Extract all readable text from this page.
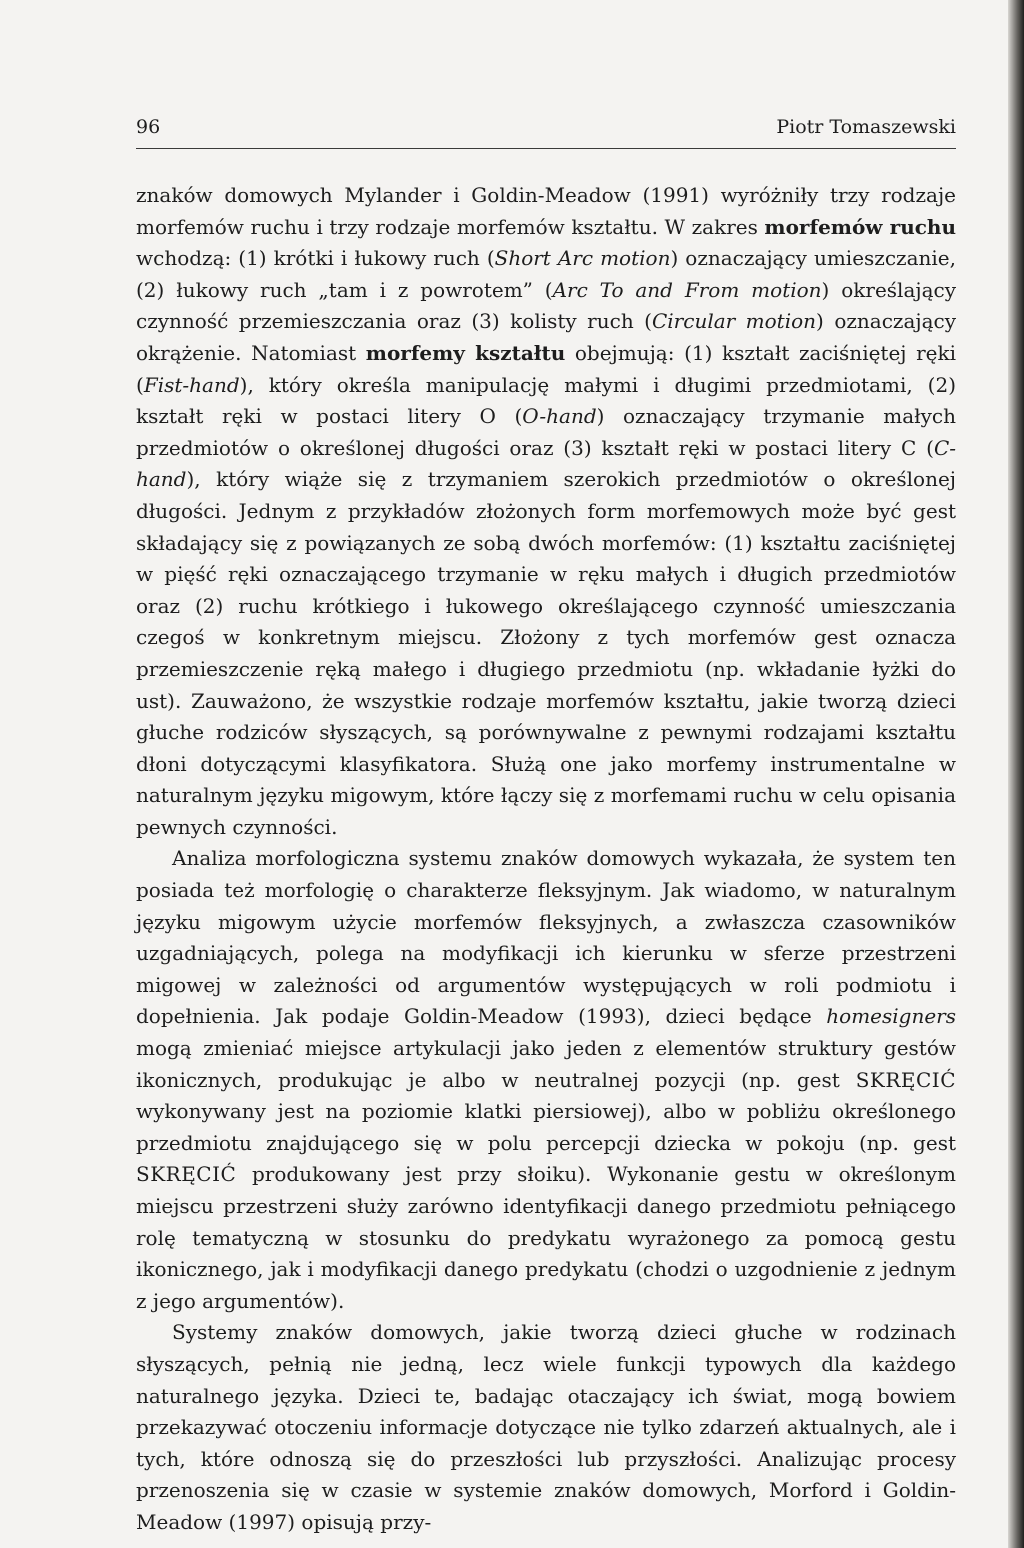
96	Piotr Tomaszewski

znaków domowych Mylander i Goldin-Meadow (1991) wyróżniły trzy rodzaje morfemów ruchu i trzy rodzaje morfemów kształtu. W zakres morfemów ruchu wchodzą: (1) krótki i łukowy ruch (Short Arc motion) oznaczający umieszczanie, (2) łukowy ruch „tam i z powrotem” (Arc To and From motion) określający czynność przemieszczania oraz (3) kolisty ruch (Circular motion) oznaczający okrążenie. Natomiast morfemy kształtu obejmują: (1) kształt zaciśniętej ręki (Fist-hand), który określa manipulację małymi i długimi przedmiotami, (2) kształt ręki w postaci litery O (O-hand) oznaczający trzymanie małych przedmiotów o określonej długości oraz (3) kształt ręki w postaci litery C (C-hand), który wiąże się z trzymaniem szerokich przedmiotów o określonej długości. Jednym z przykładów złożonych form morfemowych może być gest składający się z powiązanych ze sobą dwóch morfemów: (1) kształtu zaciśniętej w pięść ręki oznaczającego trzymanie w ręku małych i długich przedmiotów oraz (2) ruchu krótkiego i łukowego określającego czynność umieszczania czegoś w konkretnym miejscu. Złożony z tych morfemów gest oznacza przemieszczenie ręką małego i długiego przedmiotu (np. wkładanie łyżki do ust). Zauważono, że wszystkie rodzaje morfemów kształtu, jakie tworzą dzieci głuche rodziców słyszących, są porównywalne z pewnymi rodzajami kształtu dłoni dotyczącymi klasyfikatora. Służą one jako morfemy instrumentalne w naturalnym języku migowym, które łączy się z morfemami ruchu w celu opisania pewnych czynności.

Analiza morfologiczna systemu znaków domowych wykazała, że system ten posiada też morfologię o charakterze fleksyjnym. Jak wiadomo, w naturalnym języku migowym użycie morfemów fleksyjnych, a zwłaszcza czasowników uzgadniających, polega na modyfikacji ich kierunku w sferze przestrzeni migowej w zależności od argumentów występujących w roli podmiotu i dopełnienia. Jak podaje Goldin-Meadow (1993), dzieci będące homesigners mogą zmieniać miejsce artykulacji jako jeden z elementów struktury gestów ikonicznych, produkując je albo w neutralnej pozycji (np. gest SKRĘCIĆ wykonywany jest na poziomie klatki piersiowej), albo w pobliżu określonego przedmiotu znajdującego się w polu percepcji dziecka w pokoju (np. gest SKRĘCIĆ produkowany jest przy słoiku). Wykonanie gestu w określonym miejscu przestrzeni służy zarówno identyfikacji danego przedmiotu pełniącego rolę tematyczną w stosunku do predykatu wyrażonego za pomocą gestu ikonicznego, jak i modyfikacji danego predykatu (chodzi o uzgodnienie z jednym z jego argumentów).

Systemy znaków domowych, jakie tworzą dzieci głuche w rodzinach słyszących, pełnią nie jedną, lecz wiele funkcji typowych dla każdego naturalnego języka. Dzieci te, badając otaczający ich świat, mogą bowiem przekazywać otoczeniu informacje dotyczące nie tylko zdarzeń aktualnych, ale i tych, które odnoszą się do przeszłości lub przyszłości. Analizując procesy przenoszenia się w czasie w systemie znaków domowych, Morford i Goldin-Meadow (1997) opisują przy-
